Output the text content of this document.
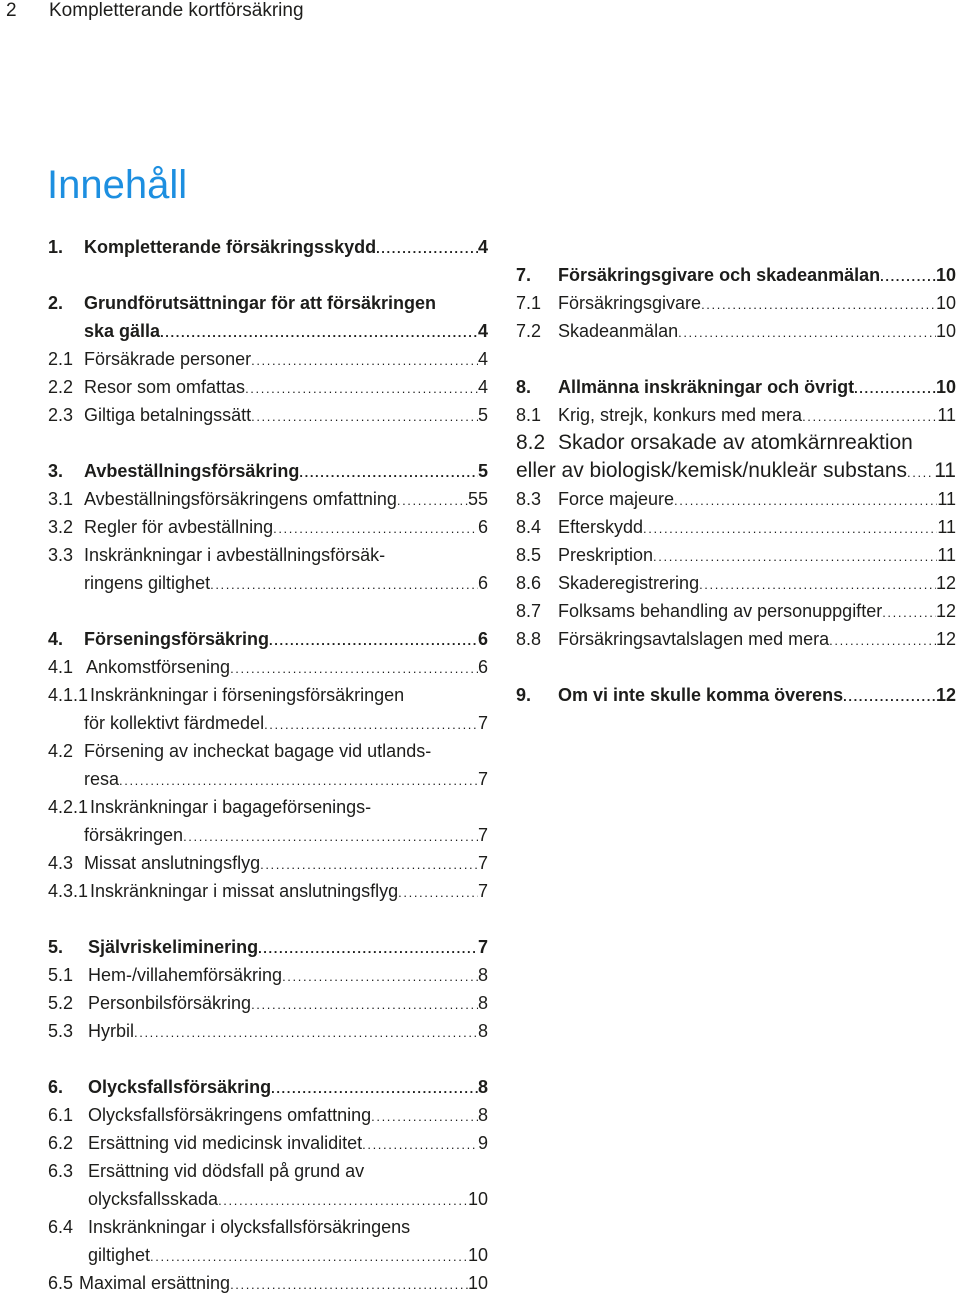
2 Kompletterande kortförsäkring
Innehåll
1. Kompletterande försäkringsskydd . . .	4
2. Grundförutsättningar för att försäkringen
ska gälla . . .	4
2.1 Försäkrade personer . . .	4
2.2 Resor som omfattas . . .	4
2.3 Giltiga betalningssätt . . .	5
3. Avbeställningsförsäkring . . .	5
3.1 Avbeställningsförsäkringens omfattning . . .	55
3.2 Regler för avbeställning . . .	6
3.3 Inskränkningar i avbeställningsförsäk-
ringens giltighet . . .	6
4. Förseningsförsäkring . . .	6
4.1 Ankomstförsening . . .	6
4.1.1 Inskränkningar i förseningsförsäkringen
för kollektivt färdmedel . . .	7
4.2 Försening av incheckat bagage vid utlands-
resa . . .	7
4.2.1 Inskränkningar i bagageförsenings-
försäkringen . . .	7
4.3 Missat anslutningsflyg . . .	7
4.3.1 Inskränkningar i missat anslutningsflyg . . .	7
5. Självriskeliminering . . .	7
5.1 Hem-/villahemförsäkring . . .	8
5.2 Personbilsförsäkring . . .	8
5.3 Hyrbil . . .	8
6. Olycksfallsförsäkring . . .	8
6.1 Olycksfallsförsäkringens omfattning . . .	8
6.2 Ersättning vid medicinsk invaliditet . . .	9
6.3 Ersättning vid dödsfall på grund av
olycksfallsskada . . .	10
6.4 Inskränkningar i olycksfallsförsäkringens
giltighet . . .	10
6.5 Maximal ersättning . . .	10
7. Försäkringsgivare och skadeanmälan . . .	10
7.1 Försäkringsgivare . . .	10
7.2 Skadeanmälan . . .	10
8. Allmänna inskräkningar och övrigt . . .	10
8.1 Krig, strejk, konkurs med mera . . .	11
8.2 Skador orsakade av atomkärnreaktion
eller av biologisk/kemisk/nukleär substans . . . 11
8.3 Force majeure . . .	11
8.4 Efterskydd . . .	11
8.5 Preskription . . .	11
8.6 Skaderegistrering . . .	12
8.7 Folksams behandling av personuppgifter . . .	12
8.8 Försäkringsavtalslagen med mera . . .	12
9. Om vi inte skulle komma överens . . .	12
